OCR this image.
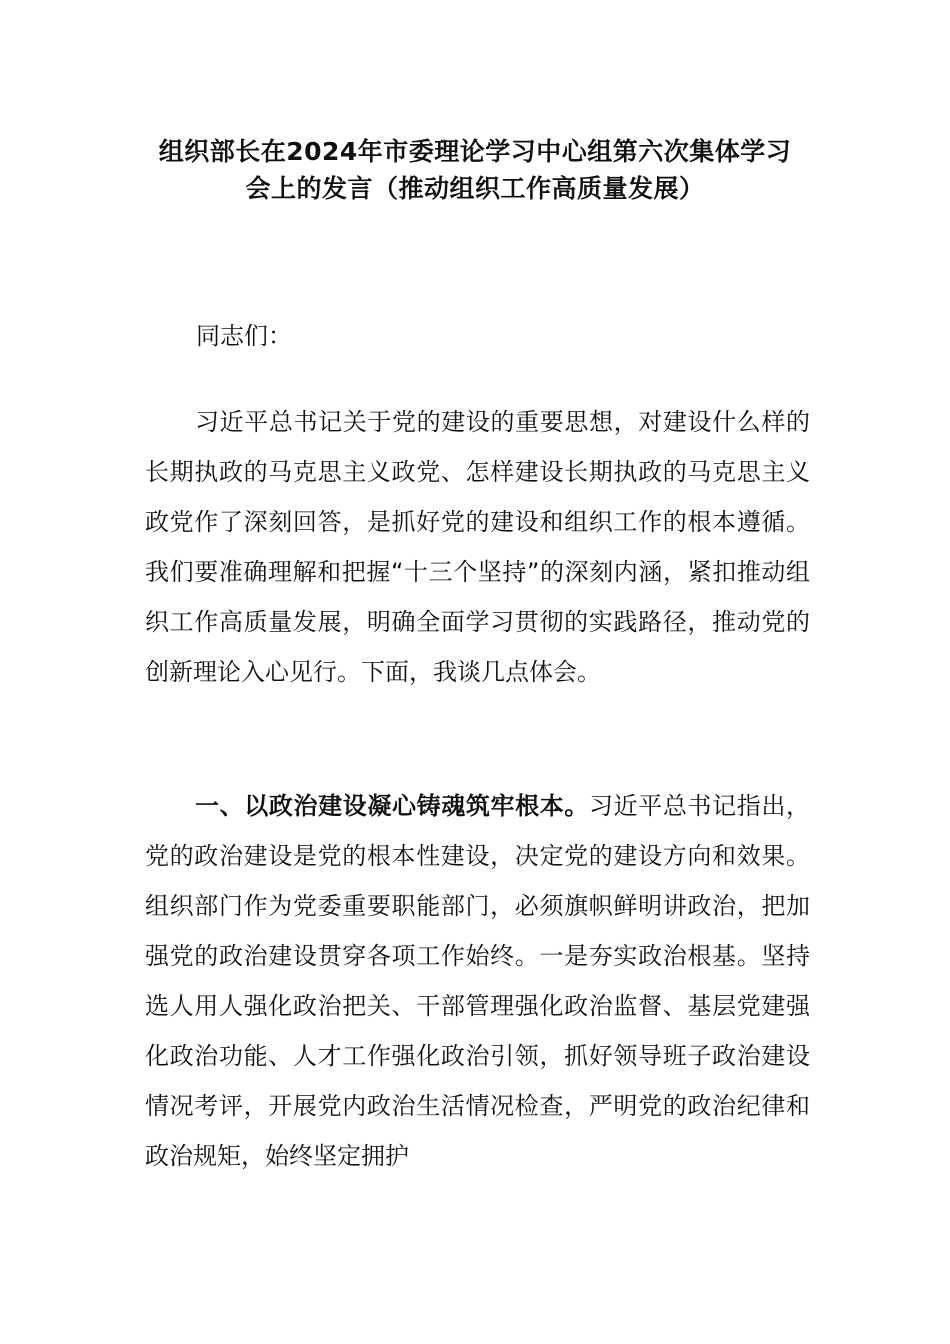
组织部长在2024年市委理论学习中心组第六次集体学习
会上的发言（推动组织工作高质量发展）
同志们：
习近平总书记关于党的建设的重要思想，对建设什么样的长期执政的马克思主义政党、怎样建设长期执政的马克思主义政党作了深刻回答，是抓好党的建设和组织工作的根本遵循。我们要准确理解和把握“十三个坚持”的深刻内涵，紧扣推动组织工作高质量发展，明确全面学习贯彻的实践路径，推动党的创新理论入心见行。下面，我谈几点体会。
一、以政治建设凝心铸魂筑牢根本。习近平总书记指出，党的政治建设是党的根本性建设，决定党的建设方向和效果。组织部门作为党委重要职能部门，必须旗帜鲜明讲政治，把加强党的政治建设贯穿各项工作始终。一是夯实政治根基。坚持选人用人强化政治把关、干部管理强化政治监督、基层党建强化政治功能、人才工作强化政治引领，抓好领导班子政治建设情况考评，开展党内政治生活情况检查，严明党的政治纪律和政治规矩，始终坚定拥护
